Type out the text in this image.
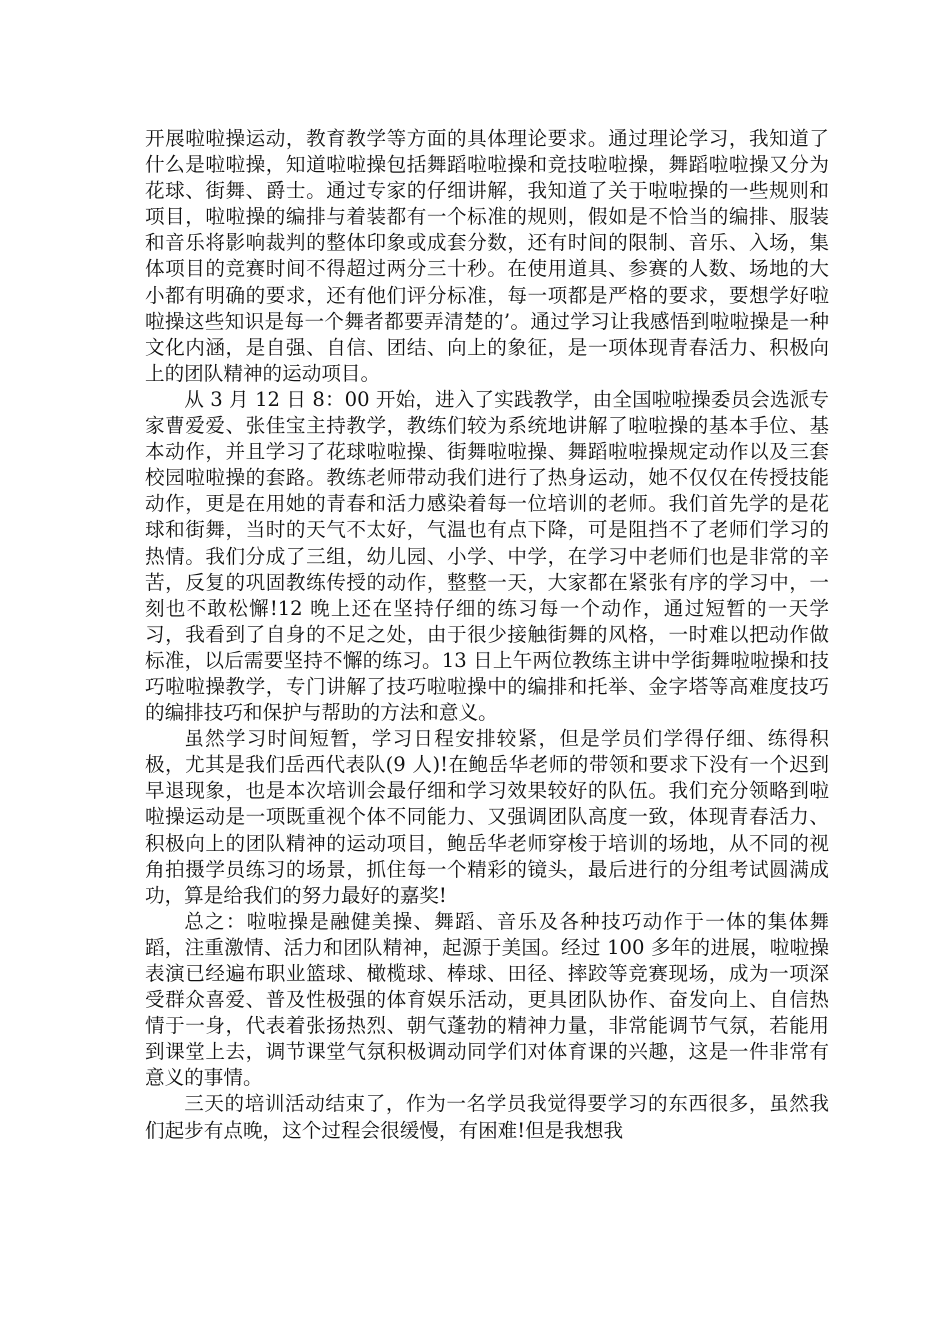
开展啦啦操运动，教育教学等方面的具体理论要求。通过理论学习，我知道了什么是啦啦操，知道啦啦操包括舞蹈啦啦操和竞技啦啦操，舞蹈啦啦操又分为花球、街舞、爵士。通过专家的仔细讲解，我知道了关于啦啦操的一些规则和项目，啦啦操的编排与着装都有一个标准的规则，假如是不恰当的编排、服装和音乐将影响裁判的整体印象或成套分数，还有时间的限制、音乐、入场，集体项目的竞赛时间不得超过两分三十秒。在使用道具、参赛的人数、场地的大小都有明确的要求，还有他们评分标准，每一项都是严格的要求，要想学好啦啦操这些知识是每一个舞者都要弄清楚的’。通过学习让我感悟到啦啦操是一种文化内涵，是自强、自信、团结、向上的象征，是一项体现青春活力、积极向上的团队精神的运动项目。

从 3 月 12 日 8：00 开始，进入了实践教学，由全国啦啦操委员会选派专家曹爱爱、张佳宝主持教学，教练们较为系统地讲解了啦啦操的基本手位、基本动作，并且学习了花球啦啦操、街舞啦啦操、舞蹈啦啦操规定动作以及三套校园啦啦操的套路。教练老师带动我们进行了热身运动，她不仅仅在传授技能动作，更是在用她的青春和活力感染着每一位培训的老师。我们首先学的是花球和街舞，当时的天气不太好，气温也有点下降，可是阻挡不了老师们学习的热情。我们分成了三组，幼儿园、小学、中学，在学习中老师们也是非常的辛苦，反复的巩固教练传授的动作，整整一天，大家都在紧张有序的学习中，一刻也不敢松懈!12 晚上还在坚持仔细的练习每一个动作，通过短暂的一天学习，我看到了自身的不足之处，由于很少接触街舞的风格，一时难以把动作做标准，以后需要坚持不懈的练习。13 日上午两位教练主讲中学街舞啦啦操和技巧啦啦操教学，专门讲解了技巧啦啦操中的编排和托举、金字塔等高难度技巧的编排技巧和保护与帮助的方法和意义。

虽然学习时间短暂，学习日程安排较紧，但是学员们学得仔细、练得积极，尤其是我们岳西代表队(9 人)!在鲍岳华老师的带领和要求下没有一个迟到早退现象，也是本次培训会最仔细和学习效果较好的队伍。我们充分领略到啦啦操运动是一项既重视个体不同能力、又强调团队高度一致，体现青春活力、积极向上的团队精神的运动项目，鲍岳华老师穿梭于培训的场地，从不同的视角拍摄学员练习的场景，抓住每一个精彩的镜头，最后进行的分组考试圆满成功，算是给我们的努力最好的嘉奖!

总之：啦啦操是融健美操、舞蹈、音乐及各种技巧动作于一体的集体舞蹈，注重激情、活力和团队精神，起源于美国。经过 100 多年的进展，啦啦操表演已经遍布职业篮球、橄榄球、棒球、田径、摔跤等竞赛现场，成为一项深受群众喜爱、普及性极强的体育娱乐活动，更具团队协作、奋发向上、自信热情于一身，代表着张扬热烈、朝气蓬勃的精神力量，非常能调节气氛，若能用到课堂上去，调节课堂气氛积极调动同学们对体育课的兴趣，这是一件非常有意义的事情。

三天的培训活动结束了，作为一名学员我觉得要学习的东西很多，虽然我们起步有点晚，这个过程会很缓慢，有困难!但是我想我
